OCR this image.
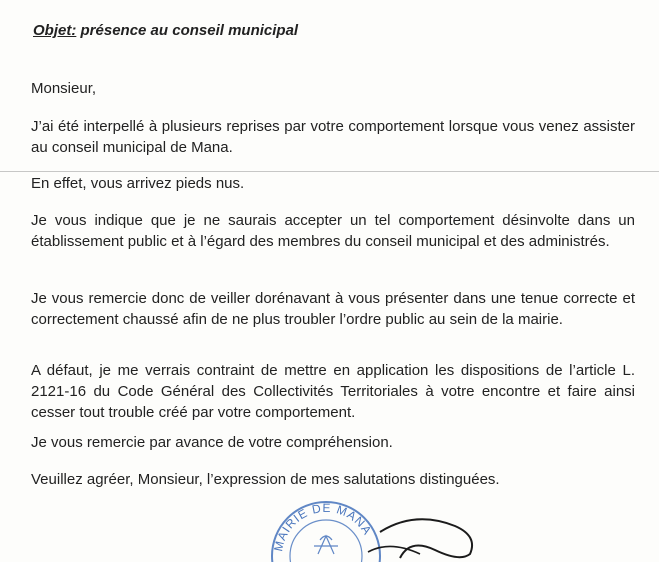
Objet: présence au conseil municipal
Monsieur,
J’ai été interpellé à plusieurs reprises par votre comportement lorsque vous venez assister au conseil municipal de Mana.
En effet, vous arrivez pieds nus.
Je vous indique que je ne saurais accepter un tel comportement désinvolte dans un établissement public et à l’égard des membres du conseil municipal et des administrés.
Je vous remercie donc de veiller dorénavant à vous présenter dans une tenue correcte et correctement chaussé afin de ne plus troubler l’ordre public au sein de la mairie.
A défaut, je me verrais contraint de mettre en application les dispositions de l’article L. 2121-16 du Code Général des Collectivités Territoriales à votre encontre et faire ainsi cesser tout trouble créé par votre comportement.
Je vous remercie par avance de votre compréhension.
Veuillez agréer, Monsieur, l’expression de mes salutations distinguées.
MAIRIE DE MANA
